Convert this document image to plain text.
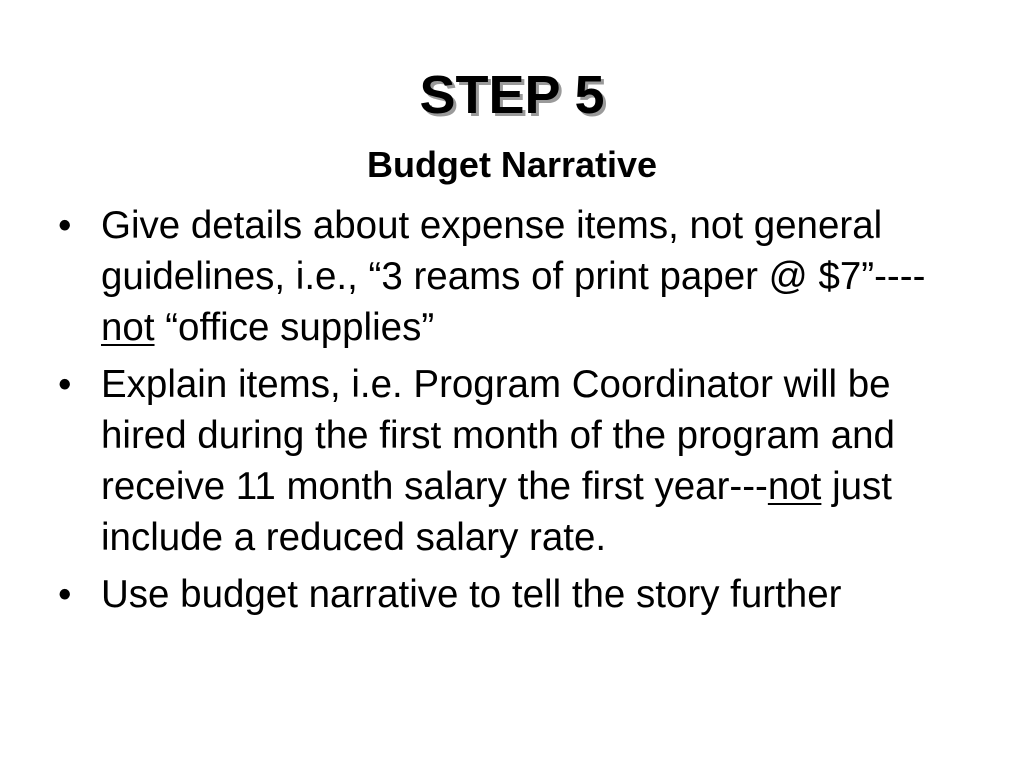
STEP 5
Budget Narrative
• Give details about expense items, not general guidelines, i.e., “3 reams of print paper @ $7”----not “office supplies”
• Explain items, i.e. Program Coordinator will be hired during the first month of the program and receive 11 month salary the first year---not just include a reduced salary rate.
• Use budget narrative to tell the story further
